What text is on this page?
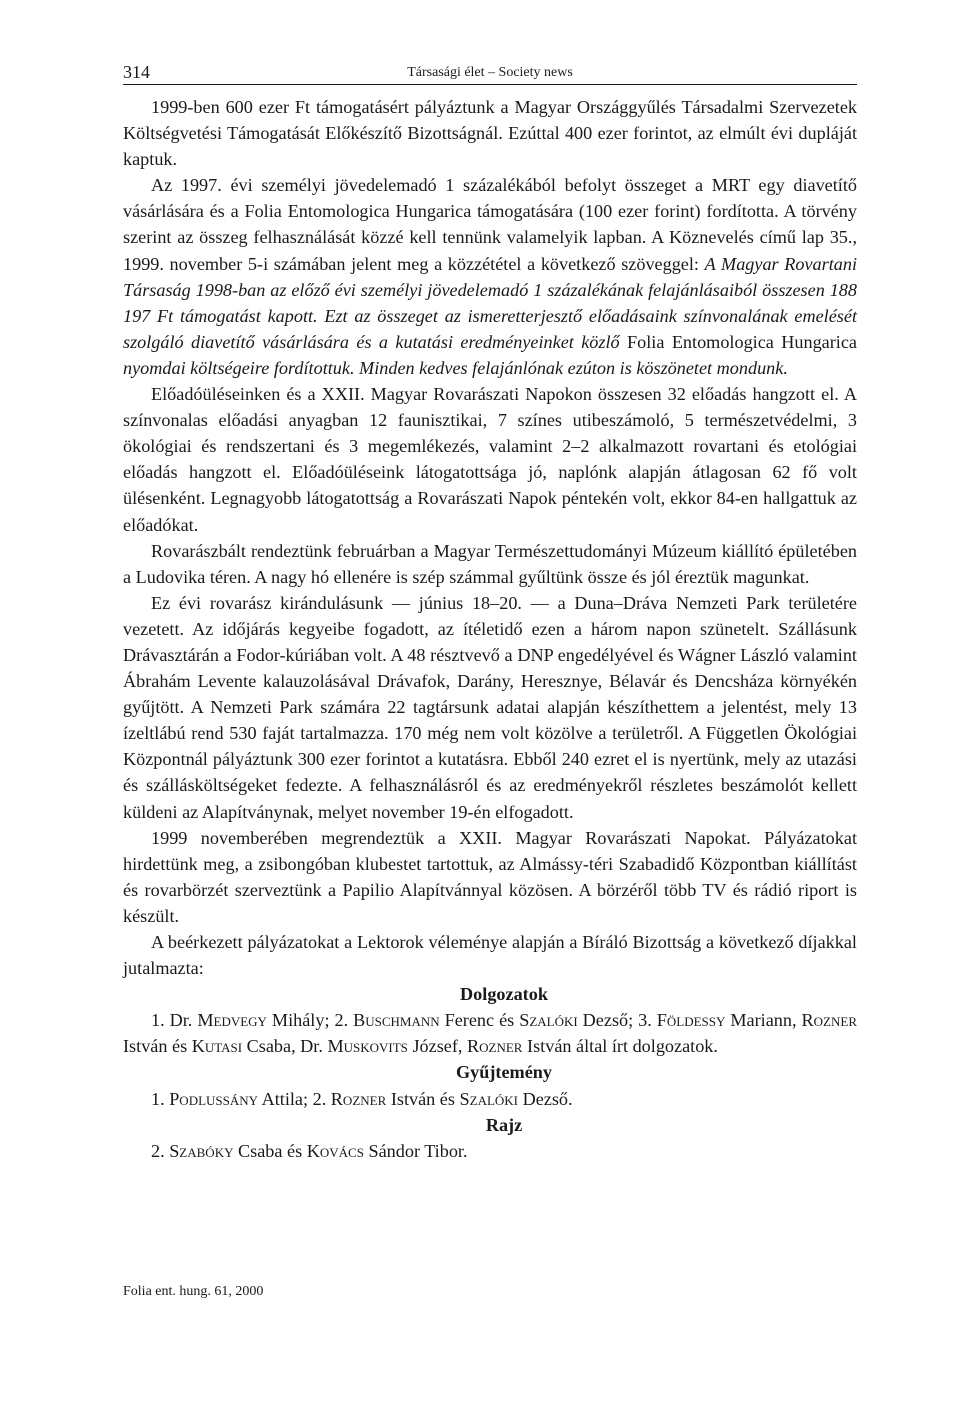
314	Társasági élet – Society news

1999-ben 600 ezer Ft támogatásért pályáztunk a Magyar Országgyűlés Társadalmi Szervezetek Költségvetési Támogatását Előkészítő Bizottságnál. Ezúttal 400 ezer forintot, az elmúlt évi dupláját kaptuk.

Az 1997. évi személyi jövedelemadó 1 százalékából befolyt összeget a MRT egy diavetítő vásárlására és a Folia Entomologica Hungarica támogatására (100 ezer forint) fordította. A törvény szerint az összeg felhasználását közzé kell tennünk valamelyik lapban. A Köznevelés című lap 35., 1999. november 5-i számában jelent meg a közzététel a következő szöveggel: A Magyar Rovartani Társaság 1998-ban az előző évi személyi jövedelemadó 1 százalékának felajánlásaiból összesen 188 197 Ft támogatást kapott. Ezt az összeget az ismeretterjesztő előadásaink színvonalának emelését szolgáló diavetítő vásárlására és a kutatási eredményeinket közlő Folia Entomologica Hungarica nyomdai költségeire fordítottuk. Minden kedves felajánlónak ezúton is köszönetet mondunk.

Előadóüléseinken és a XXII. Magyar Rovarászati Napokon összesen 32 előadás hangzott el. A színvonalas előadási anyagban 12 faunisztikai, 7 színes utibeszámoló, 5 természetvédelmi, 3 ökológiai és rendszertani és 3 megemlékezés, valamint 2–2 alkalmazott rovartani és etológiai előadás hangzott el. Előadóüléseink látogatottsága jó, naplónk alapján átlagosan 62 fő volt ülésenként. Legnagyobb látogatottság a Rovarászati Napok péntekén volt, ekkor 84-en hallgattuk az előadókat.

Rovarászbált rendeztünk februárban a Magyar Természettudományi Múzeum kiállító épületében a Ludovika téren. A nagy hó ellenére is szép számmal gyűltünk össze és jól éreztük magunkat.

Ez évi rovarász kirándulásunk — június 18–20. — a Duna–Dráva Nemzeti Park területére vezetett. Az időjárás kegyeibe fogadott, az ítéletidő ezen a három napon szünetelt. Szállásunk Drávasztárán a Fodor-kúriában volt. A 48 résztvevő a DNP engedélyével és Wágner László valamint Ábrahám Levente kalauzolásával Drávafok, Darány, Heresznye, Bélavár és Dencsháza környékén gyűjtött. A Nemzeti Park számára 22 tagtársunk adatai alapján készíthettem a jelentést, mely 13 ízeltlábú rend 530 faját tartalmazza. 170 még nem volt közölve a területről. A Független Ökológiai Központnál pályáztunk 300 ezer forintot a kutatásra. Ebből 240 ezret el is nyertünk, mely az utazási és szállásköltségeket fedezte. A felhasználásról és az eredményekről részletes beszámolót kellett küldeni az Alapítványnak, melyet november 19-én elfogadott.

1999 novemberében megrendeztük a XXII. Magyar Rovarászati Napokat. Pályázatokat hirdettünk meg, a zsibongóban klubestet tartottuk, az Almássy-téri Szabadidő Központban kiállítást és rovarbörzét szerveztünk a Papilio Alapítvánnyal közösen. A börzéről több TV és rádió riport is készült.

A beérkezett pályázatokat a Lektorok véleménye alapján a Bíráló Bizottság a következő díjakkal jutalmazta:

Dolgozatok

1. Dr. Medvegy Mihály; 2. Buschmann Ferenc és Szalóki Dezső; 3. Földessy Mariann, Rozner István és Kutasi Csaba, Dr. Muskovits József, Rozner István által írt dolgozatok.

Gyűjtemény

1. Podlussány Attila; 2. Rozner István és Szalóki Dezső.

Rajz

2. Szabóky Csaba és Kovács Sándor Tibor.

Folia ent. hung. 61, 2000
